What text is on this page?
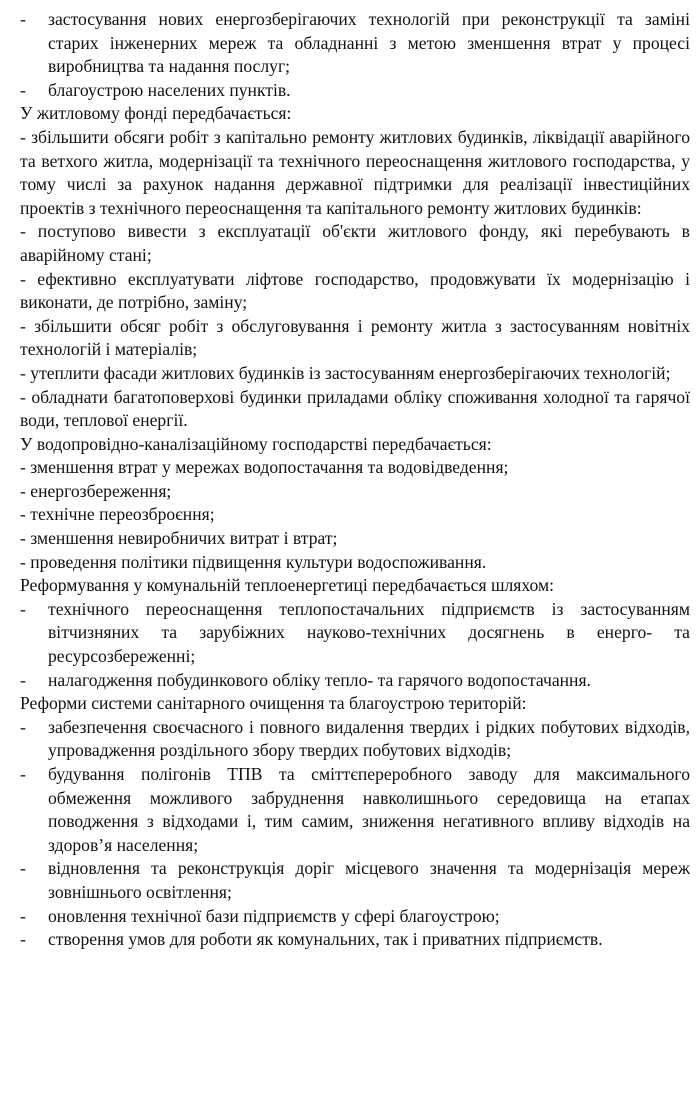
-	застосування нових енергозберігаючих технологій при реконструкції та заміні старих інженерних мереж та обладнанні з метою зменшення втрат у процесі виробництва та надання послуг;
-	благоустрою населених пунктів.

У житловому фонді передбачається:

- збільшити обсяги робіт з капітально ремонту житлових будинків, ліквідації аварійного та ветхого житла, модернізації та технічного переоснащення житлового господарства, у тому числі за рахунок надання державної підтримки для реалізації інвестиційних проектів з технічного переоснащення та капітального ремонту житлових будинків:

- поступово вивести з експлуатації об'єкти житлового фонду, які перебувають в аварійному стані;

- ефективно експлуатувати ліфтове господарство, продовжувати їх модернізацію і виконати, де потрібно, заміну;

- збільшити обсяг робіт з обслуговування і ремонту житла з застосуванням новітніх технологій і матеріалів;

- утеплити фасади житлових будинків із застосуванням енергозберігаючих технологій;

- обладнати багатоповерхові будинки приладами обліку споживання холодної та гарячої води, теплової енергії.

У водопровідно-каналізаційному господарстві передбачається:

- зменшення втрат у мережах водопостачання та водовідведення;

- енергозбереження;

- технічне переозброєння;

- зменшення невиробничих витрат і втрат;

- проведення політики підвищення культури водоспоживання.

Реформування у комунальній теплоенергетиці передбачається шляхом:

-	технічного переоснащення теплопостачальних підприємств із застосуванням вітчизняних та зарубіжних науково-технічних досягнень в енерго- та ресурсозбереженні;
-	налагодження побудинкового обліку тепло- та гарячого водопостачання.

Реформи системи санітарного очищення та благоустрою територій:

-	забезпечення своєчасного і повного видалення твердих і рідких побутових відходів, упровадження роздільного збору твердих побутових відходів;
-	будування полігонів ТПВ та сміттєпереробного заводу для максимального обмеження можливого забруднення навколишнього середовища на етапах поводження з відходами і, тим самим, зниження негативного впливу відходів на здоров’я населення;
-	відновлення та реконструкція доріг місцевого значення та модернізація мереж зовнішнього освітлення;
-	оновлення технічної бази підприємств у сфері благоустрою;
-	створення умов для роботи як комунальних, так і приватних підприємств.
